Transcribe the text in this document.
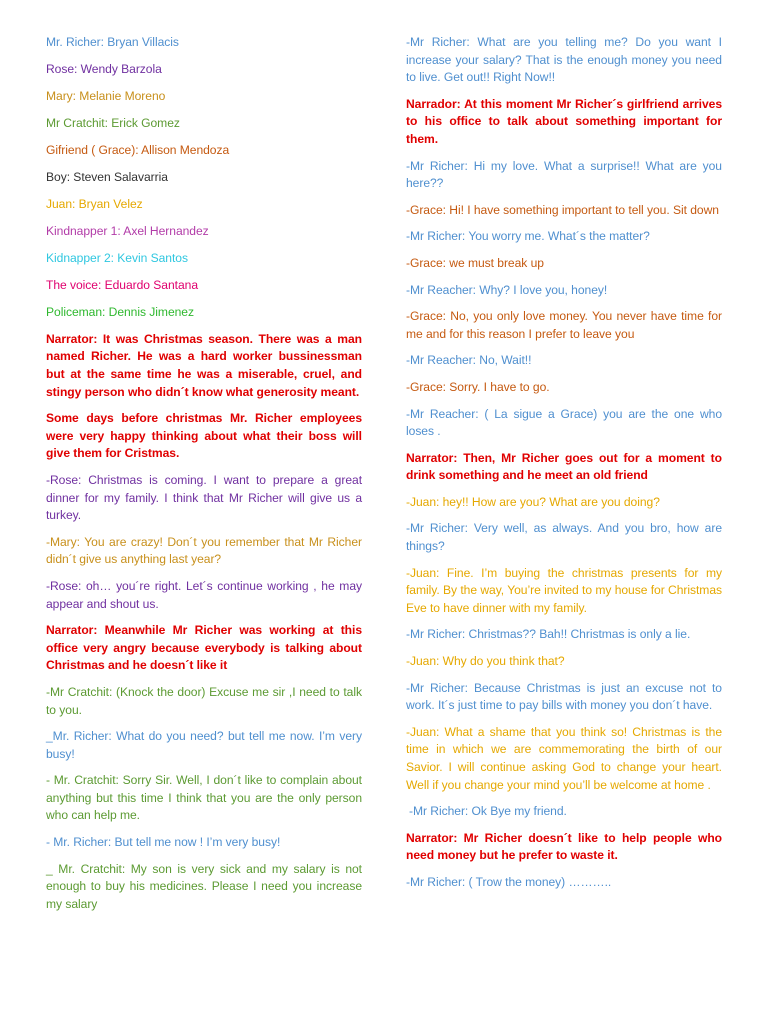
Mr. Richer: Bryan Villacis

Rose: Wendy Barzola

Mary: Melanie Moreno

Mr Cratchit: Erick Gomez

Gifriend ( Grace): Allison Mendoza

Boy: Steven Salavarria

Juan: Bryan Velez

Kindnapper 1: Axel Hernandez

Kidnapper 2: Kevin Santos

The voice: Eduardo Santana

Policeman: Dennis Jimenez

Narrator: It was Christmas season. There was a man named Richer. He was a hard worker bussinessman but at the same time he was a miserable, cruel, and stingy person who didn´t know what generosity meant.

Some days before christmas Mr. Richer employees were very happy thinking about what their boss will give them for Cristmas.

-Rose: Christmas is coming. I want to prepare a great dinner for my family. I think that Mr Richer will give us a turkey.

-Mary: You are crazy! Don´t you remember that Mr Richer didn´t give us anything last year?

-Rose: oh… you´re right. Let´s continue working , he may appear and shout us.

Narrator: Meanwhile Mr Richer was working at this office very angry because everybody is talking about Christmas and he doesn´t like it

-Mr Cratchit: (Knock the door) Excuse me sir ,I need to talk to you.

_Mr. Richer: What do you need? but tell me now. I’m very busy!

- Mr. Cratchit: Sorry Sir. Well, I don´t like to complain about anything but this time I think that you are the only person who can help me.

- Mr. Richer: But tell me now ! I’m very busy!

_ Mr. Cratchit: My son is very sick and my salary is not enough to buy his medicines. Please I need you increase my salary

-Mr Richer: What are you telling me? Do you want I increase your salary? That is the enough money you need to live. Get out!! Right Now!!

Narrador: At this moment Mr Richer´s girlfriend arrives to his office to talk about something important for them.

-Mr Richer: Hi my love. What a surprise!! What are you here??

-Grace: Hi! I have something important to tell you. Sit down

-Mr Richer: You worry me. What´s the matter?

-Grace: we must break up

-Mr Reacher: Why? I love you, honey!

-Grace: No, you only love money. You never have time for me and for this reason I prefer to leave you

-Mr Reacher: No, Wait!!

-Grace: Sorry. I have to go.

-Mr Reacher: ( La sigue a Grace) you are the one who loses .

Narrator: Then, Mr Richer goes out for a moment to drink something and he meet an old friend

-Juan: hey!! How are you? What are you doing?

-Mr Richer: Very well, as always. And you bro, how are things?

-Juan: Fine. I’m buying the christmas presents for my family. By the way, You’re invited to my house for Christmas Eve to have dinner with my family.

-Mr Richer: Christmas?? Bah!! Christmas is only a lie.

-Juan: Why do you think that?

-Mr Richer: Because Christmas is just an excuse not to work. It´s just time to pay bills with money you don´t have.

-Juan: What a shame that you think so! Christmas is the time in which we are commemorating the birth of our Savior. I will continue asking God to change your heart. Well if you change your mind you’ll be welcome at home .

-Mr Richer: Ok Bye my friend.

Narrator: Mr Richer doesn´t like to help people who need money but he prefer to waste it.

-Mr Richer: ( Trow the money) ………..
